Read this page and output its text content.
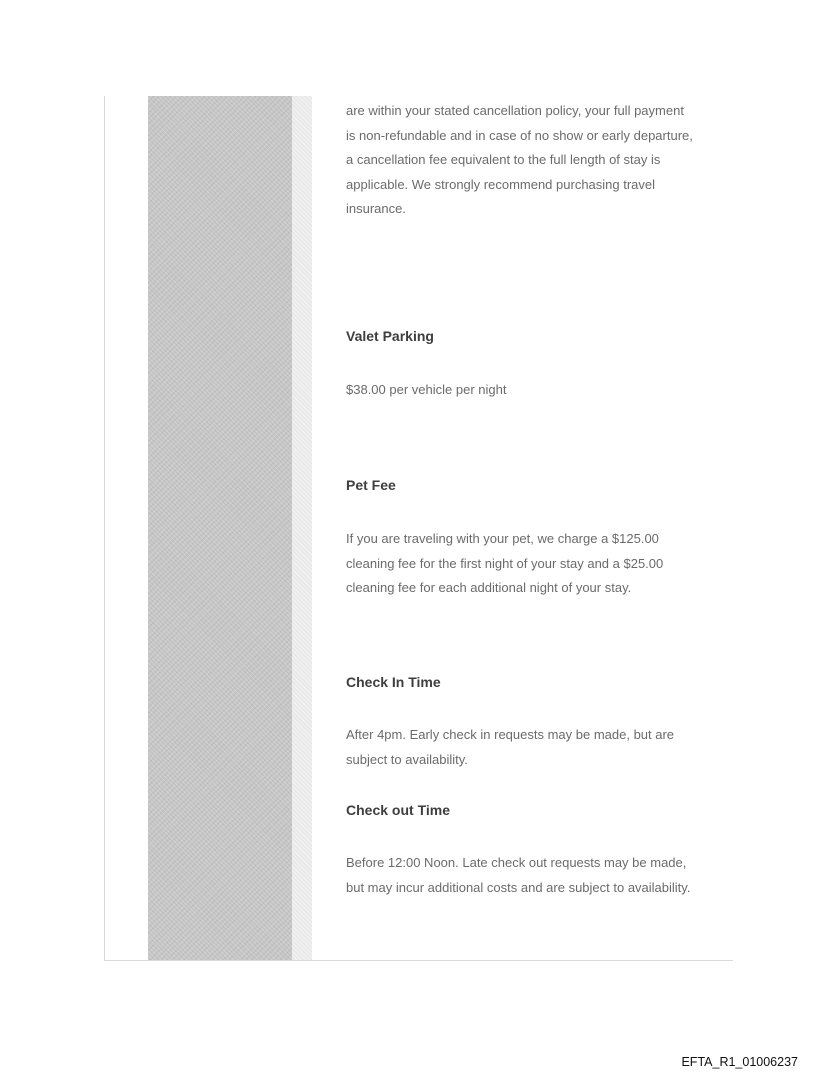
are within your stated cancellation policy, your full payment is non-refundable and in case of no show or early departure, a cancellation fee equivalent to the full length of stay is applicable. We strongly recommend purchasing travel insurance.

Valet Parking

$38.00 per vehicle per night

Pet Fee

If you are traveling with your pet, we charge a $125.00 cleaning fee for the first night of your stay and a $25.00 cleaning fee for each additional night of your stay.

Check In Time

After 4pm. Early check in requests may be made, but are subject to availability.

Check out Time

Before 12:00 Noon. Late check out requests may be made, but may incur additional costs and are subject to availability.

EFTA_R1_01006237
